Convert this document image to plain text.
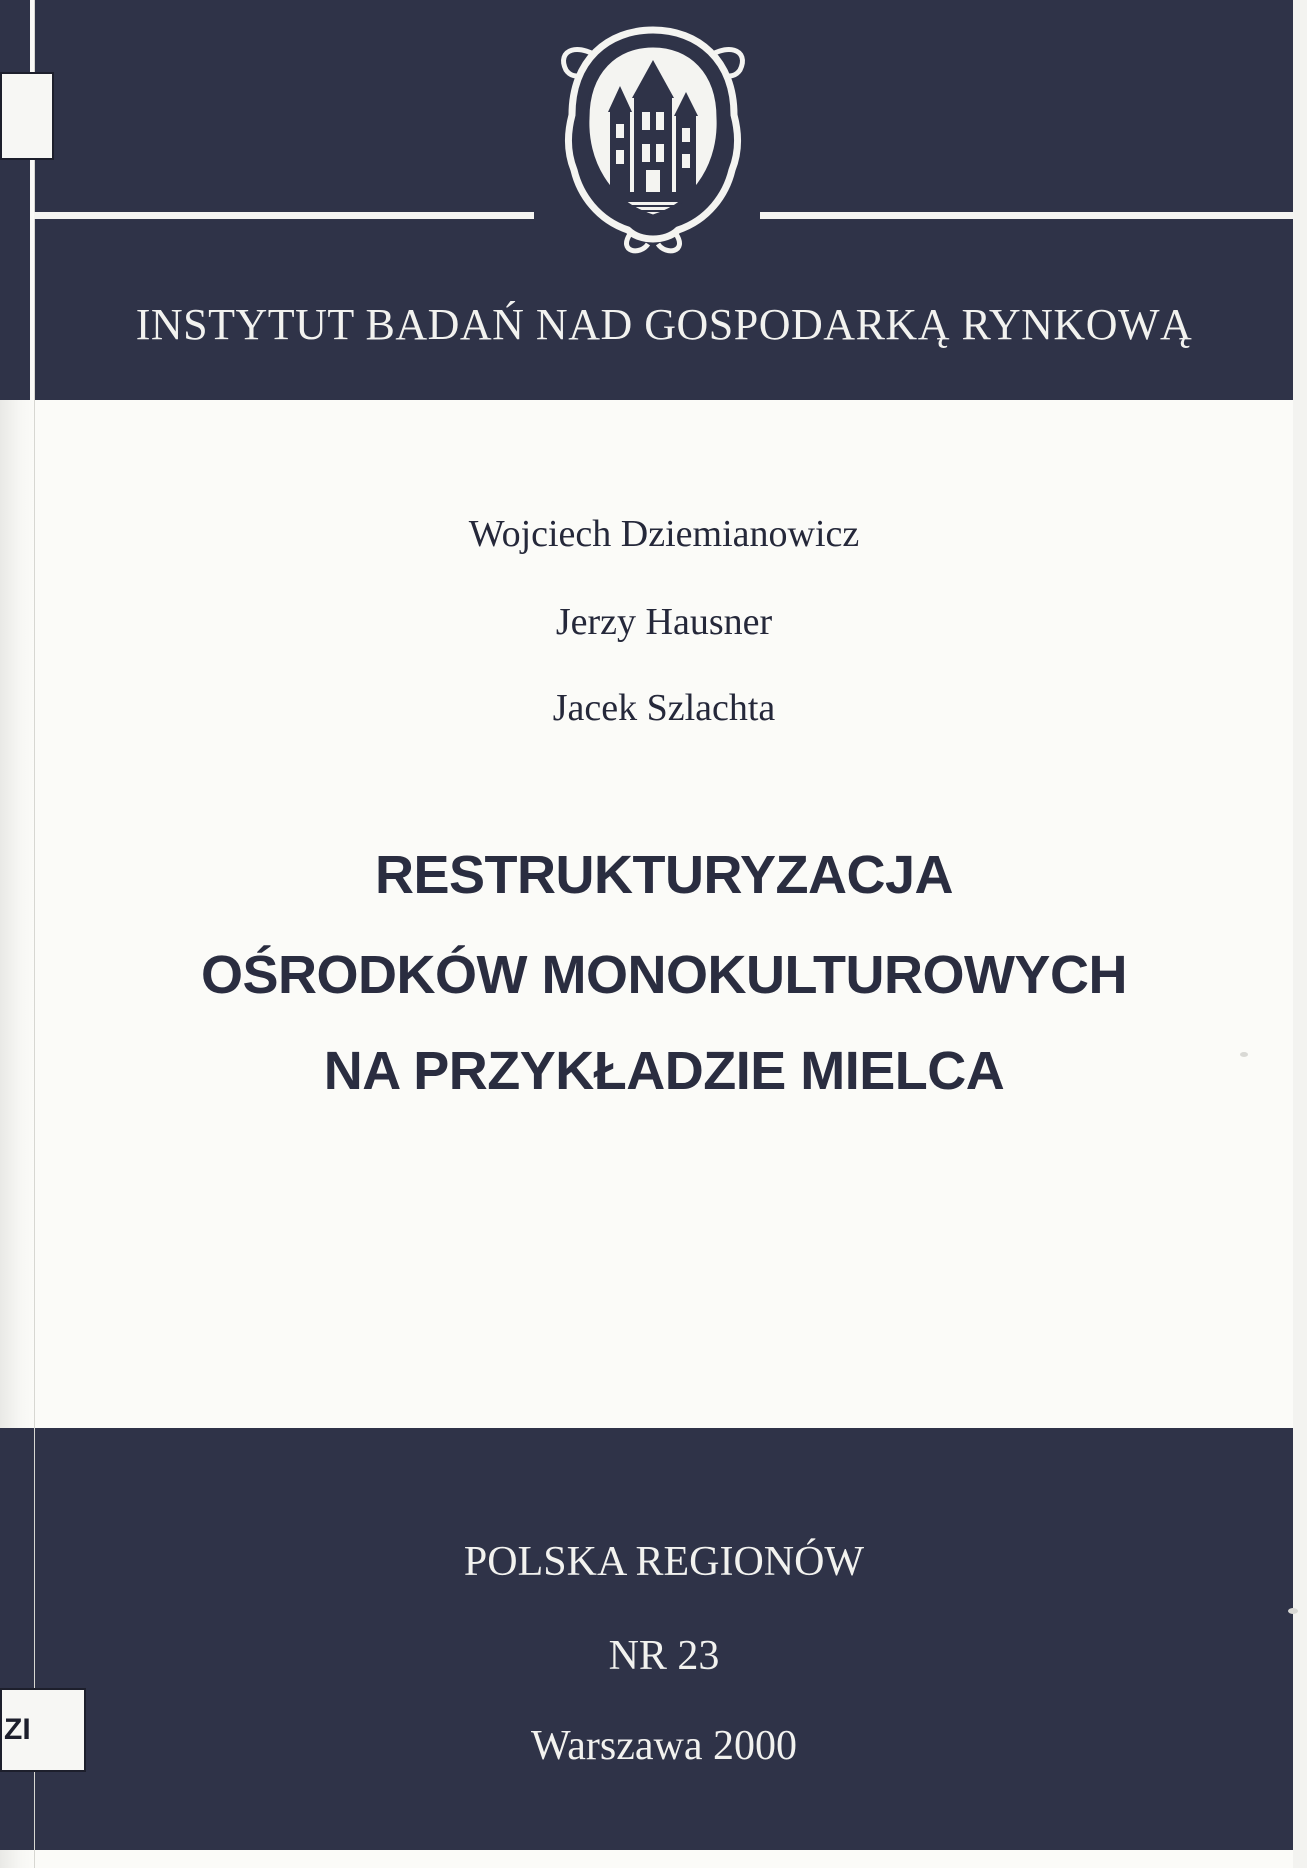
ZI
INSTYTUT BADAŃ NAD GOSPODARKĄ RYNKOWĄ
Wojciech Dziemianowicz
Jerzy Hausner
Jacek Szlachta
RESTRUKTURYZACJA
OŚRODKÓW MONOKULTUROWYCH
NA PRZYKŁADZIE MIELCA
POLSKA REGIONÓW
NR 23
Warszawa 2000
